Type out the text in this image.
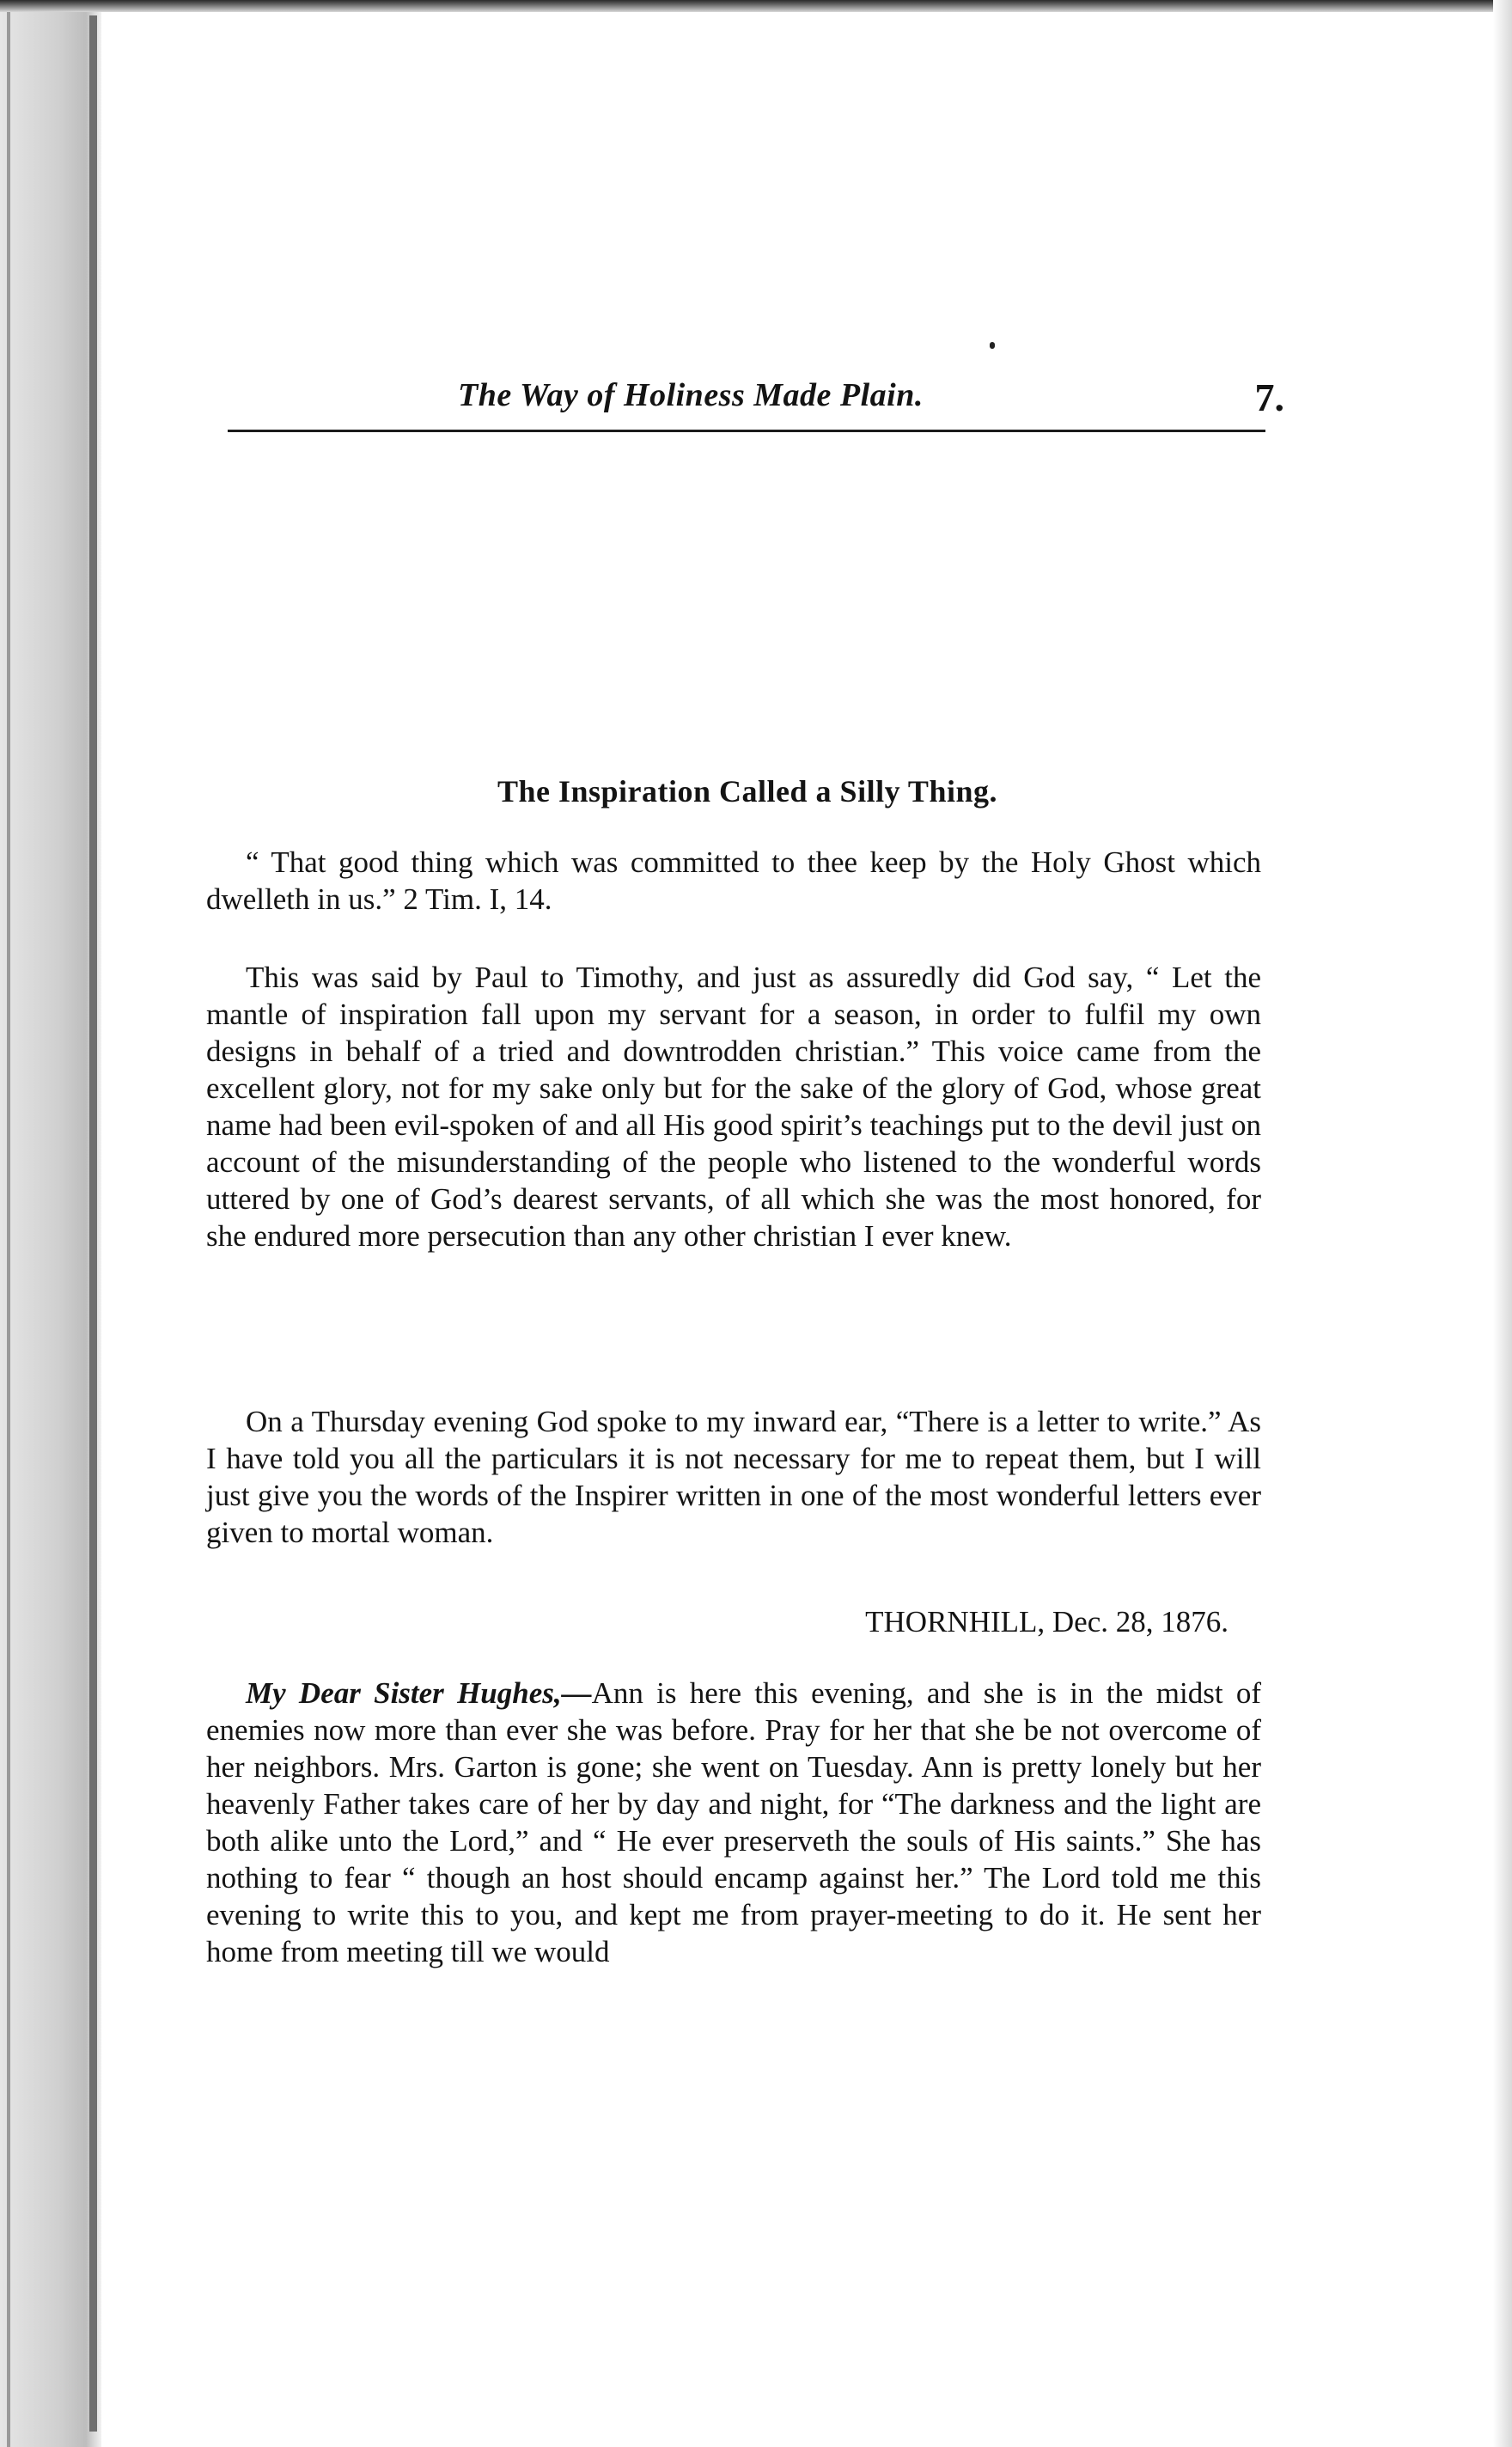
The Way of Holiness Made Plain.	7.
The Inspiration Called a Silly Thing.

“ That good thing which was committed to thee keep by the Holy Ghost which dwelleth in us.” 2 Tim. I, 14.

This was said by Paul to Timothy, and just as assuredly did God say, “ Let the mantle of inspiration fall upon my servant for a season, in order to fulfil my own designs in behalf of a tried and downtrodden christian.” This voice came from the excellent glory, not for my sake only but for the sake of the glory of God, whose great name had been evil-spoken of and all His good spirit’s teachings put to the devil just on account of the misunderstanding of the people who listened to the wonderful words uttered by one of God’s dearest servants, of all which she was the most honored, for she endured more persecution than any other christian I ever knew.

On a Thursday evening God spoke to my inward ear, “There is a letter to write.” As I have told you all the particulars it is not necessary for me to repeat them, but I will just give you the words of the Inspirer written in one of the most wonderful letters ever given to mortal woman.

THORNHILL, Dec. 28, 1876.

My Dear Sister Hughes,—Ann is here this evening, and she is in the midst of enemies now more than ever she was before. Pray for her that she be not overcome of her neighbors. Mrs. Garton is gone; she went on Tuesday. Ann is pretty lonely but her heavenly Father takes care of her by day and night, for “The darkness and the light are both alike unto the Lord,” and “ He ever preserveth the souls of His saints.” She has nothing to fear “ though an host should encamp against her.” The Lord told me this evening to write this to you, and kept me from prayer-meeting to do it. He sent her home from meeting till we would
